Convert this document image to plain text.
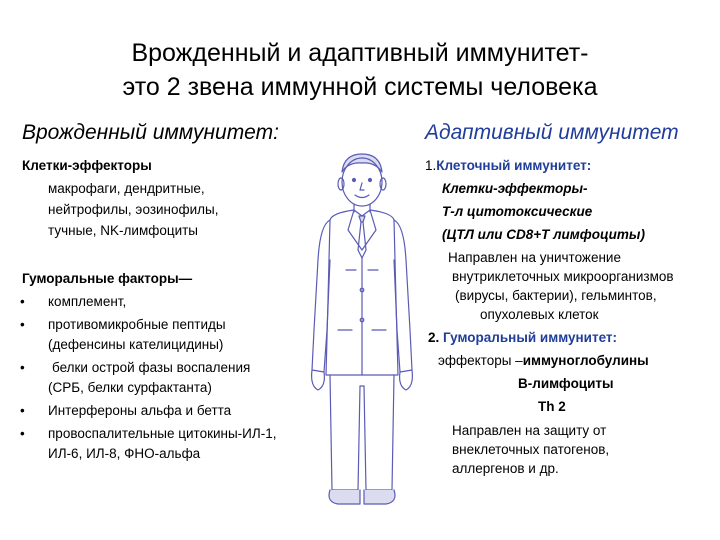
Врожденный и адаптивный иммунитет-
это 2 звена иммунной системы человека
Врожденный иммунитет:	Адаптивный иммунитет
Клетки-эффекторы
макрофаги, дендритные,
нейтрофилы, эозинофилы,
тучные, NK-лимфоциты
Гуморальные факторы—
• комплемент,
• противомикробные пептиды
(дефенсины кателицидины)
• белки острой фазы воспаления
(СРБ, белки сурфактанта)
• Интерфероны альфа и бетта
• провоспалительные цитокины-ИЛ-1,
ИЛ-6, ИЛ-8, ФНО-альфа
1.Клеточный иммунитет:
Клетки-эффекторы-
Т-л цитотоксические
(ЦТЛ или CD8+Т лимфоциты)
Направлен на уничтожение
внутриклеточных микроорганизмов
(вирусы, бактерии), гельминтов,
опухолевых клеток
2. Гуморальный иммунитет:
эффекторы –иммуноглобулины
В-лимфоциты
Th 2
Направлен на защиту от
внеклеточных патогенов,
аллергенов и др.
